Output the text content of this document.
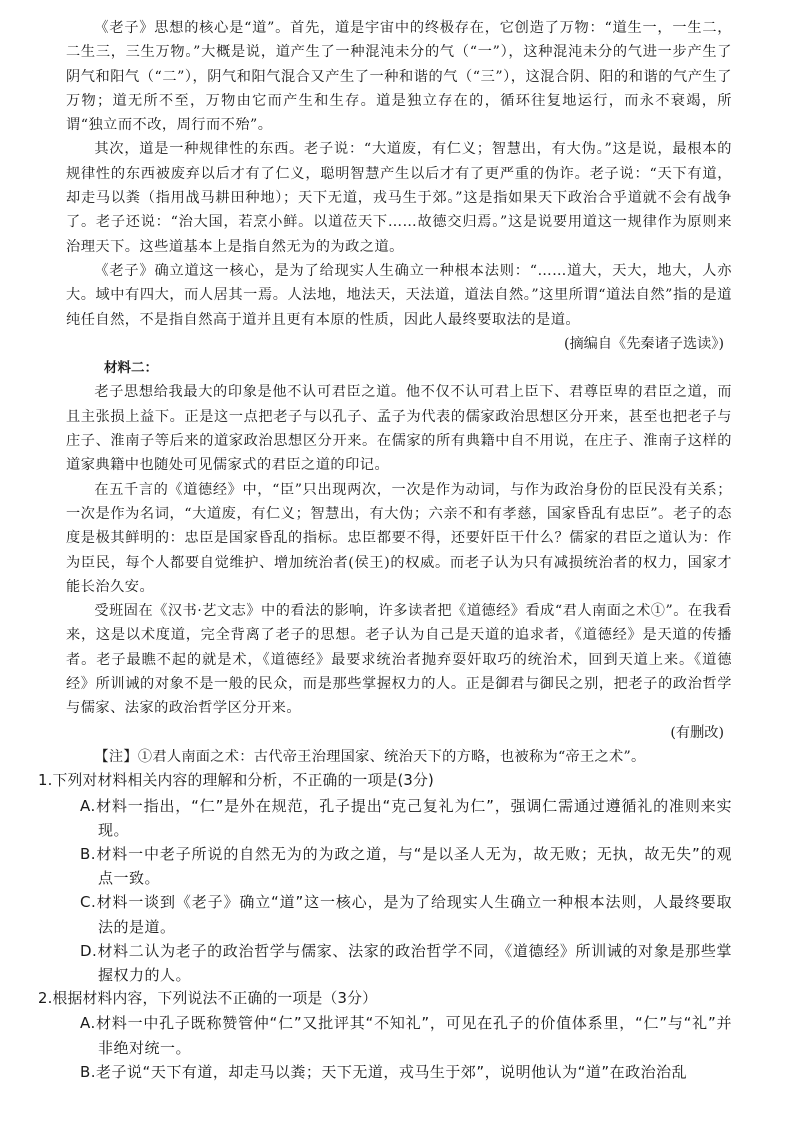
《老子》思想的核心是“道”。首先，道是宇宙中的终极存在，它创造了万物：“道生一，一生二，二生三，三生万物。”大概是说，道产生了一种混沌未分的气（“一”），这种混沌未分的气进一步产生了阴气和阳气（“二”），阴气和阳气混合又产生了一种和谐的气（“三”），这混合阴、阳的和谐的气产生了万物；道无所不至，万物由它而产生和生存。道是独立存在的，循环往复地运行，而永不衰竭，所谓“独立而不改，周行而不殆”。

其次，道是一种规律性的东西。老子说：“大道废，有仁义；智慧出，有大伪。”这是说，最根本的规律性的东西被废弃以后才有了仁义，聪明智慧产生以后才有了更严重的伪诈。老子说：“天下有道，却走马以粪（指用战马耕田种地）；天下无道，戎马生于郊。”这是指如果天下政治合乎道就不会有战争了。老子还说：“治大国，若烹小鲜。以道莅天下……故德交归焉。”这是说要用道这一规律作为原则来治理天下。这些道基本上是指自然无为的为政之道。

《老子》确立道这一核心，是为了给现实人生确立一种根本法则：“……道大，天大，地大，人亦大。域中有四大，而人居其一焉。人法地，地法天，天法道，道法自然。”这里所谓“道法自然”指的是道纯任自然，不是指自然高于道并且更有本原的性质，因此人最终要取法的是道。

(摘编自《先秦诸子选读》)

材料二：

老子思想给我最大的印象是他不认可君臣之道。他不仅不认可君上臣下、君尊臣卑的君臣之道，而且主张损上益下。正是这一点把老子与以孔子、孟子为代表的儒家政治思想区分开来，甚至也把老子与庄子、淮南子等后来的道家政治思想区分开来。在儒家的所有典籍中自不用说，在庄子、淮南子这样的道家典籍中也随处可见儒家式的君臣之道的印记。

在五千言的《道德经》中，“臣”只出现两次，一次是作为动词，与作为政治身份的臣民没有关系；一次是作为名词，“大道废，有仁义；智慧出，有大伪；六亲不和有孝慈，国家昏乱有忠臣”。老子的态度是极其鲜明的：忠臣是国家昏乱的指标。忠臣都要不得，还要奸臣干什么？儒家的君臣之道认为：作为臣民，每个人都要自觉维护、增加统治者(侯王)的权威。而老子认为只有减损统治者的权力，国家才能长治久安。

受班固在《汉书·艺文志》中的看法的影响，许多读者把《道德经》看成“君人南面之术①”。在我看来，这是以术度道，完全背离了老子的思想。老子认为自己是天道的追求者，《道德经》是天道的传播者。老子最瞧不起的就是术，《道德经》最要求统治者抛弃耍奸取巧的统治术，回到天道上来。《道德经》所训诫的对象不是一般的民众，而是那些掌握权力的人。正是御君与御民之别，把老子的政治哲学与儒家、法家的政治哲学区分开来。

(有删改)

【注】①君人南面之术：古代帝王治理国家、统治天下的方略，也被称为“帝王之术”。

1.下列对材料相关内容的理解和分析，不正确的一项是(3分)

A.材料一指出，“仁”是外在规范，孔子提出“克己复礼为仁”，强调仁需通过遵循礼的准则来实现。

B.材料一中老子所说的自然无为的为政之道，与“是以圣人无为，故无败；无执，故无失”的观点一致。

C.材料一谈到《老子》确立“道”这一核心，是为了给现实人生确立一种根本法则，人最终要取法的是道。

D.材料二认为老子的政治哲学与儒家、法家的政治哲学不同，《道德经》所训诫的对象是那些掌握权力的人。

2.根据材料内容，下列说法不正确的一项是（3分）

A.材料一中孔子既称赞管仲“仁”又批评其“不知礼”，可见在孔子的价值体系里，“仁”与“礼”并非绝对统一。

B.老子说“天下有道，却走马以粪；天下无道，戎马生于郊”，说明他认为“道”在政治治乱
